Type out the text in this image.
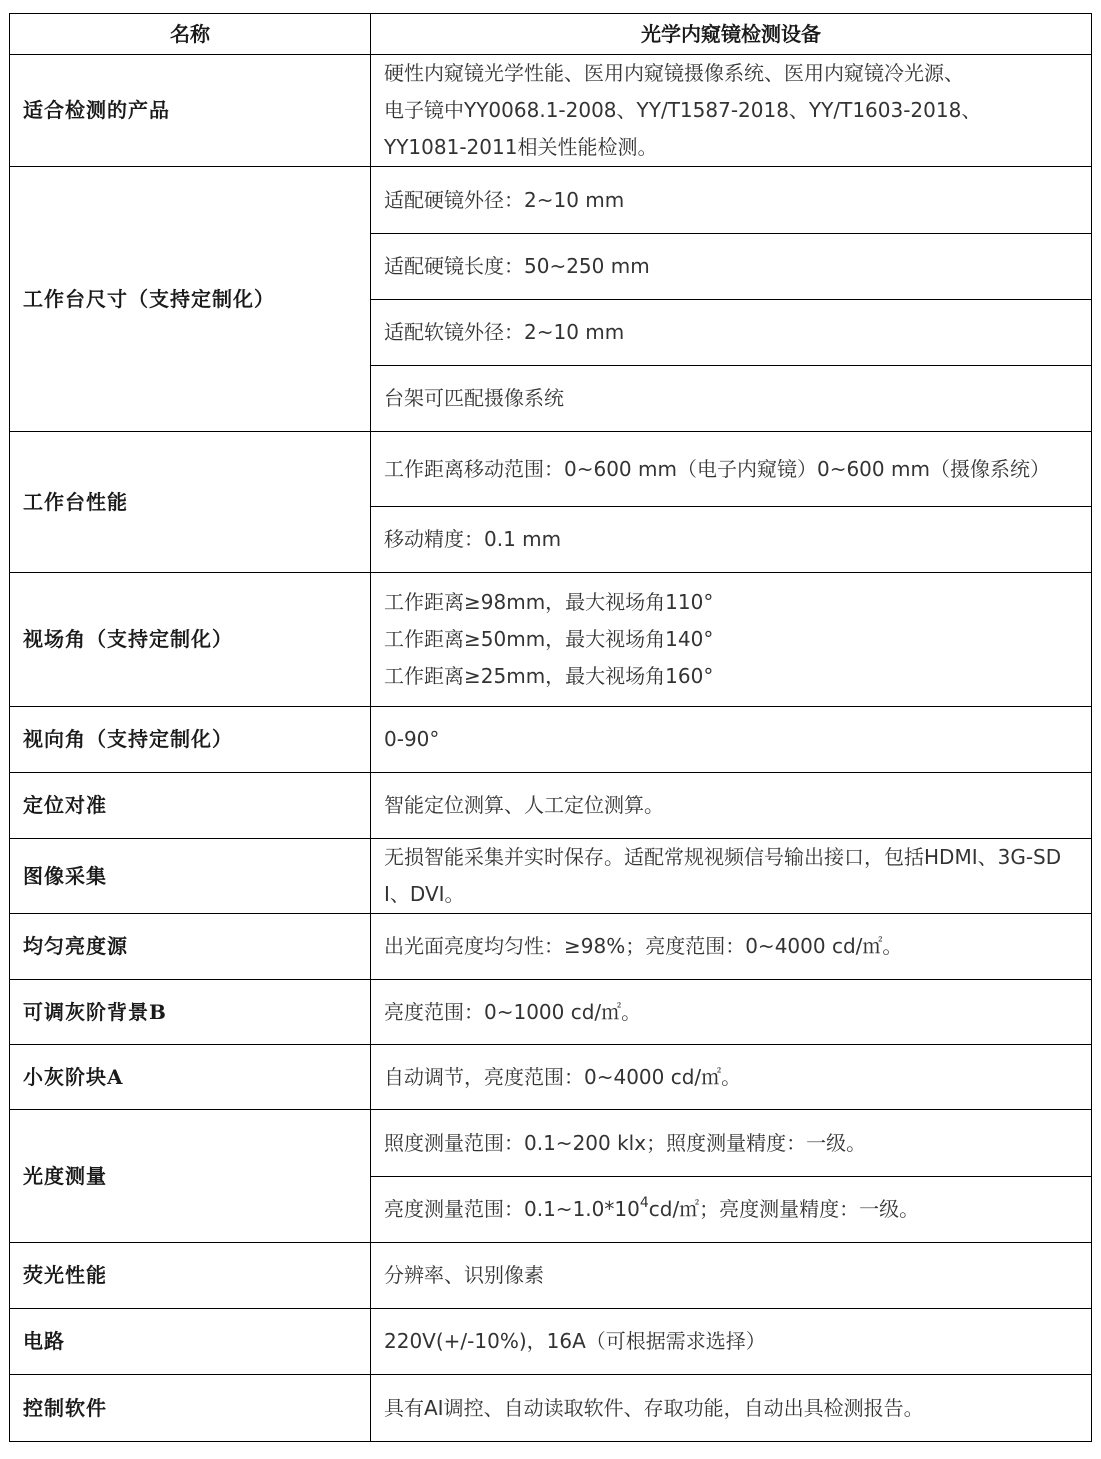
名称	光学内窥镜检测设备
适合检测的产品	硬性内窥镜光学性能、医用内窥镜摄像系统、医用内窥镜冷光源、
电子镜中YY0068.1-2008、YY/T1587-2018、YY/T1603-2018、
YY1081-2011相关性能检测。

工作台尺寸（支持定制化）	适配硬镜外径：2~10 mm
	适配硬镜长度：50~250 mm
	适配软镜外径：2~10 mm
	台架可匹配摄像系统
工作台性能	工作距离移动范围：0~600 mm（电子内窥镜）0~600 mm（摄像系统）
	移动精度：0.1 mm
视场角（支持定制化）	工作距离≥98mm，最大视场角110°
工作距离≥50mm，最大视场角140°
工作距离≥25mm，最大视场角160°

视向角（支持定制化）	0-90°
定位对准	智能定位测算、人工定位测算。
图像采集	无损智能采集并实时保存。适配常规视频信号输出接口，包括HDMI、3G-SDI、DVI。
均匀亮度源	出光面亮度均匀性：≥98%；亮度范围：0~4000 cd/㎡。
可调灰阶背景B	亮度范围：0~1000 cd/㎡。
小灰阶块A	自动调节，亮度范围：0~4000 cd/㎡。
光度测量	照度测量范围：0.1~200 klx；照度测量精度：一级。
	亮度测量范围：$0.1\sim 1.0*10^4cd/㎡$；亮度测量精度：一级。
荧光性能	分辨率、识别像素
电路	220V(+/-10%)，16A（可根据需求选择）
控制软件	具有AI调控、自动读取软件、存取功能，自动出具检测报告。
